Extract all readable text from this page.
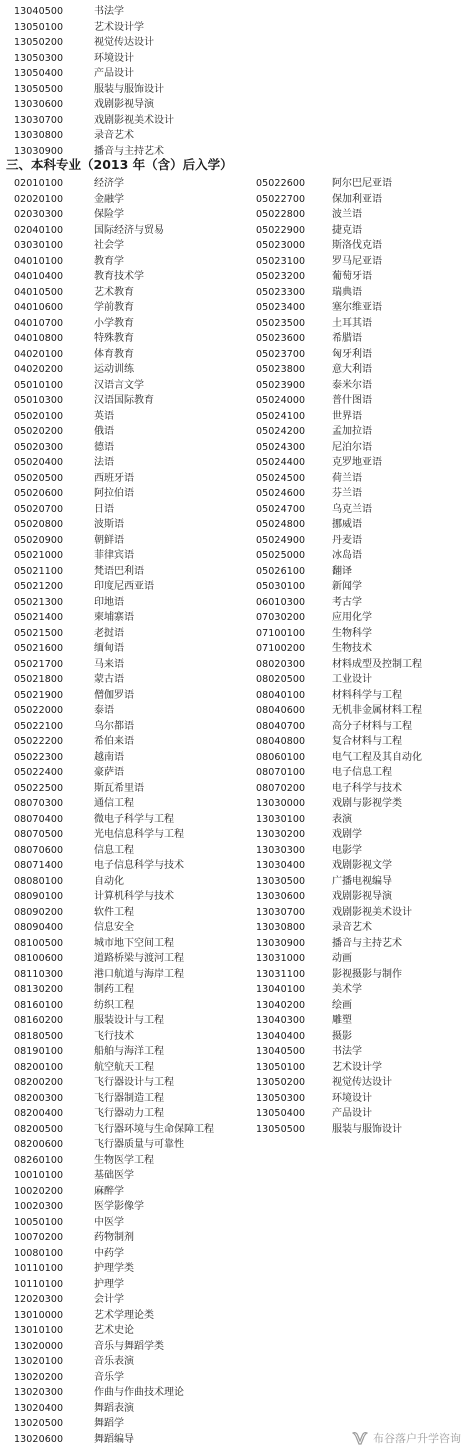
13040500	书法学
13050100	艺术设计学
13050200	视觉传达设计
13050300	环境设计
13050400	产品设计
13050500	服装与服饰设计
13030600	戏剧影视导演
13030700	戏剧影视美术设计
13030800	录音艺术
13030900	播音与主持艺术
三、本科专业（2013 年（含）后入学）
02010100	经济学
02020100	金融学
02030300	保险学
02040100	国际经济与贸易
03030100	社会学
04010100	教育学
04010400	教育技术学
04010500	艺术教育
04010600	学前教育
04010700	小学教育
04010800	特殊教育
04020100	体育教育
04020200	运动训练
05010100	汉语言文学
05010300	汉语国际教育
05020100	英语
05020200	俄语
05020300	德语
05020400	法语
05020500	西班牙语
05020600	阿拉伯语
05020700	日语
05020800	波斯语
05020900	朝鲜语
05021000	菲律宾语
05021100	梵语巴利语
05021200	印度尼西亚语
05021300	印地语
05021400	柬埔寨语
05021500	老挝语
05021600	缅甸语
05021700	马来语
05021800	蒙古语
05021900	僧伽罗语
05022000	泰语
05022100	乌尔都语
05022200	希伯来语
05022300	越南语
05022400	豪萨语
05022500	斯瓦希里语
08070300	通信工程
08070400	微电子科学与工程
08070500	光电信息科学与工程
08070600	信息工程
08071400	电子信息科学与技术
08080100	自动化
08090100	计算机科学与技术
08090200	软件工程
08090400	信息安全
08100500	城市地下空间工程
08100600	道路桥梁与渡河工程
08110300	港口航道与海岸工程
08130200	制药工程
08160100	纺织工程
08160200	服装设计与工程
08180500	飞行技术
08190100	船舶与海洋工程
08200100	航空航天工程
08200200	飞行器设计与工程
08200300	飞行器制造工程
08200400	飞行器动力工程
08200500	飞行器环境与生命保障工程
08200600	飞行器质量与可靠性
08260100	生物医学工程
10010100	基础医学
10020200	麻醉学
10020300	医学影像学
10050100	中医学
10070200	药物制剂
10080100	中药学
10110100	护理学类
10110100	护理学
12020300	会计学
13010000	艺术学理论类
13010100	艺术史论
13020000	音乐与舞蹈学类
13020100	音乐表演
13020200	音乐学
13020300	作曲与作曲技术理论
13020400	舞蹈表演
13020500	舞蹈学
13020600	舞蹈编导
05022600	阿尔巴尼亚语
05022700	保加利亚语
05022800	波兰语
05022900	捷克语
05023000	斯洛伐克语
05023100	罗马尼亚语
05023200	葡萄牙语
05023300	瑞典语
05023400	塞尔维亚语
05023500	土耳其语
05023600	希腊语
05023700	匈牙利语
05023800	意大利语
05023900	泰米尔语
05024000	普什图语
05024100	世界语
05024200	孟加拉语
05024300	尼泊尔语
05024400	克罗地亚语
05024500	荷兰语
05024600	芬兰语
05024700	乌克兰语
05024800	挪威语
05024900	丹麦语
05025000	冰岛语
05026100	翻译
05030100	新闻学
06010300	考古学
07030200	应用化学
07100100	生物科学
07100200	生物技术
08020300	材料成型及控制工程
08020500	工业设计
08040100	材料科学与工程
08040600	无机非金属材料工程
08040700	高分子材料与工程
08040800	复合材料与工程
08060100	电气工程及其自动化
08070100	电子信息工程
08070200	电子科学与技术
13030000	戏剧与影视学类
13030100	表演
13030200	戏剧学
13030300	电影学
13030400	戏剧影视文学
13030500	广播电视编导
13030600	戏剧影视导演
13030700	戏剧影视美术设计
13030800	录音艺术
13030900	播音与主持艺术
13031000	动画
13031100	影视摄影与制作
13040100	美术学
13040200	绘画
13040300	雕塑
13040400	摄影
13040500	书法学
13050100	艺术设计学
13050200	视觉传达设计
13050300	环境设计
13050400	产品设计
13050500	服装与服饰设计
布谷落户升学咨询
